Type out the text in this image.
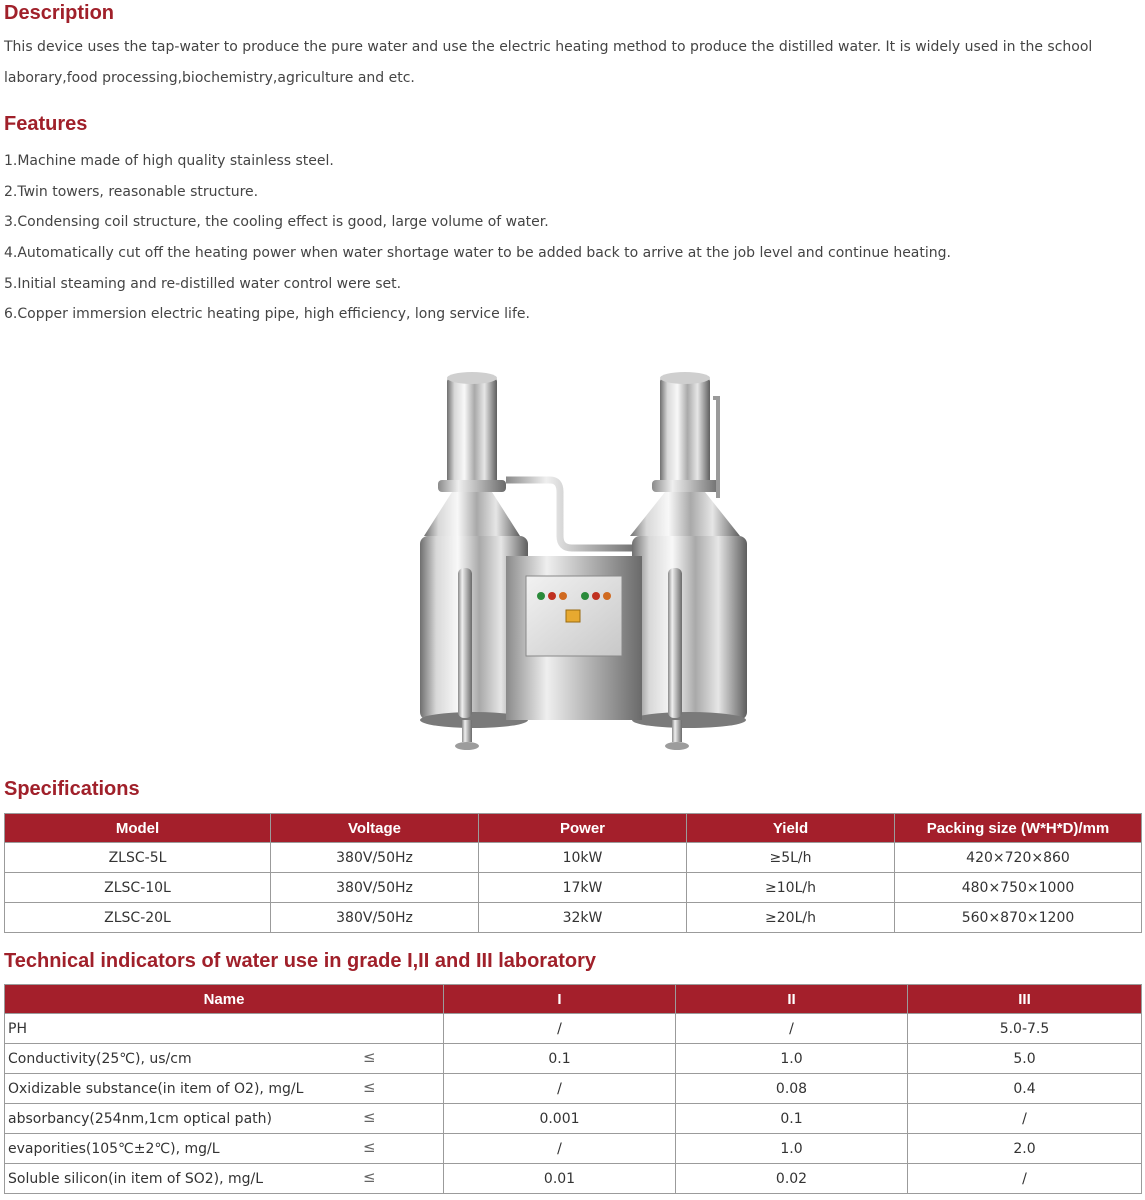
Description

This device uses the tap-water to produce the pure water and use the electric heating method to produce the distilled water. It is widely used in the school

laborary,food processing,biochemistry,agriculture and etc.

Features
1.Machine made of high quality stainless steel.
2.Twin towers, reasonable structure.
3.Condensing coil structure, the cooling effect is good, large volume of water.
4.Automatically cut off the heating power when water shortage water to be added back to arrive at the job level and continue heating.
5.Initial steaming and re-distilled water control were set.
6.Copper immersion electric heating pipe, high efficiency, long service life.
Specifications
Model	Voltage	Power	Yield	Packing size (W*H*D)/mm
ZLSC-5L	380V/50Hz	10kW	≥5L/h	420×720×860
ZLSC-10L	380V/50Hz	17kW	≥10L/h	480×750×1000
ZLSC-20L	380V/50Hz	32kW	≥20L/h	560×870×1200
Technical indicators of water use in grade I,II and III laboratory
Name	I	II	III
PH	/	/	5.0-7.5
Conductivity(25℃), us/cm ≤	0.1	1.0	5.0
Oxidizable substance(in item of O2), mg/L ≤	/	0.08	0.4
absorbancy(254nm,1cm optical path) ≤	0.001	0.1	/
evaporities(105℃±2℃), mg/L ≤	/	1.0	2.0
Soluble silicon(in item of SO2), mg/L ≤	0.01	0.02	/
